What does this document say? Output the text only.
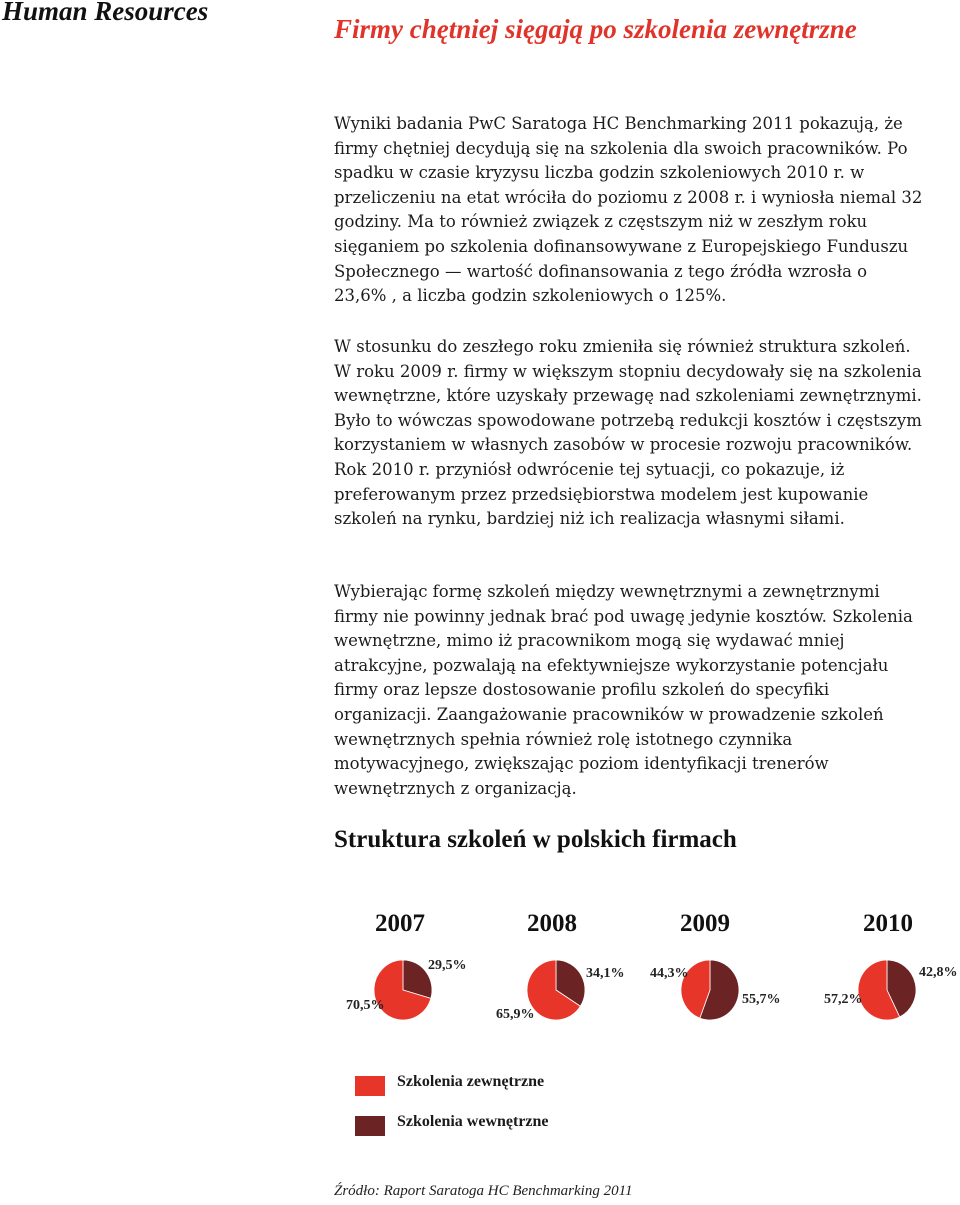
Human Resources
Firmy chętniej sięgają po szkolenia zewnętrzne

Wyniki badania PwC Saratoga HC Benchmarking 2011 pokazują, że firmy chętniej decydują się na szkolenia dla swoich pracowników. Po spadku w czasie kryzysu liczba godzin szkoleniowych 2010 r. w przeliczeniu na etat wróciła do poziomu z 2008 r. i wyniosła niemal 32 godziny. Ma to również związek z częstszym niż w zeszłym roku sięganiem po szkolenia dofinansowywane z Europejskiego Funduszu Społecznego — wartość dofinansowania z tego źródła wzrosła o 23,6% , a liczba godzin szkoleniowych o 125%.

W stosunku do zeszłego roku zmieniła się również struktura szkoleń. W roku 2009 r. firmy w większym stopniu decydowały się na szkolenia wewnętrzne, które uzyskały przewagę nad szkoleniami zewnętrznymi. Było to wówczas spowodowane potrzebą redukcji kosztów i częstszym korzystaniem w własnych zasobów w procesie rozwoju pracowników. Rok 2010 r. przyniósł odwrócenie tej sytuacji, co pokazuje, iż preferowanym przez przedsiębiorstwa modelem jest kupowanie szkoleń na rynku, bardziej niż ich realizacja własnymi siłami.

Wybierając formę szkoleń między wewnętrznymi a zewnętrznymi firmy nie powinny jednak brać pod uwagę jedynie kosztów. Szkolenia wewnętrzne, mimo iż pracownikom mogą się wydawać mniej atrakcyjne, pozwalają na efektywniejsze wykorzystanie potencjału firmy oraz lepsze dostosowanie profilu szkoleń do specyfiki organizacji. Zaangażowanie pracowników w prowadzenie szkoleń wewnętrznych spełnia również rolę istotnego czynnika motywacyjnego, zwiększając poziom identyfikacji trenerów wewnętrznych z organizacją.

Struktura szkoleń w polskich firmach
2007	2008	2009	2010
29,5%
70,5%
34,1%
65,9%
44,3%
55,7%	57,2%
42,8%
Szkolenia zewnętrzne
Szkolenia wewnętrzne
Źródło: Raport Saratoga HC Benchmarking 2011
